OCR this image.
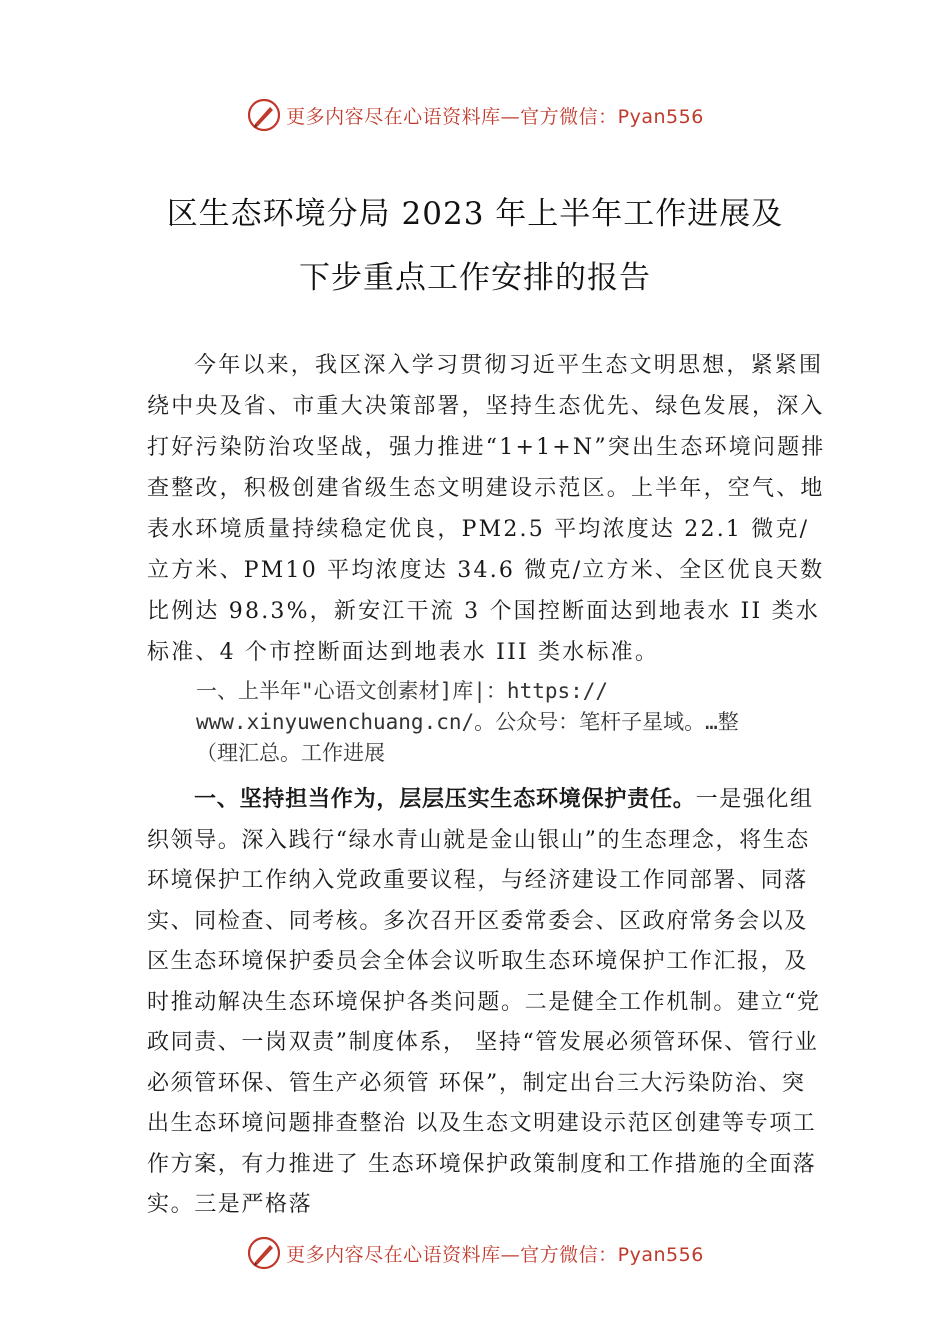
更多内容尽在心语资料库—官方微信：Pyan556
区生态环境分局 2023 年上半年工作进展及
下步重点工作安排的报告

今年以来，我区深入学习贯彻习近平生态文明思想，紧紧围绕中央及省、市重大决策部署，坚持生态优先、绿色发展，深入打好污染防治攻坚战，强力推进“1+1+N”突出生态环境问题排查整改，积极创建省级生态文明建设示范区。上半年，空气、地表水环境质量持续稳定优良，PM2.5 平均浓度达 22.1 微克/立方米、PM10 平均浓度达 34.6 微克/立方米、全区优良天数比例达 98.3%，新安江干流 3 个国控断面达到地表水 II 类水标准、4 个市控断面达到地表水 III 类水标准。

一、上半年"心语文创素材]库|：https://
www.xinyuwenchuang.cn/。公众号：笔杆子星域。…整
（理汇总。工作进展

一、坚持担当作为，层层压实生态环境保护责任。一是强化组织领导。深入践行“绿水青山就是金山银山”的生态理念，将生态环境保护工作纳入党政重要议程，与经济建设工作同部署、同落实、同检查、同考核。多次召开区委常委会、区政府常务会以及区生态环境保护委员会全体会议听取生态环境保护工作汇报，及时推动解决生态环境保护各类问题。二是健全工作机制。建立“党政同责、一岗双责”制度体系， 坚持“管发展必须管环保、管行业必须管环保、管生产必须管 环保”，制定出台三大污染防治、突出生态环境问题排查整治 以及生态文明建设示范区创建等专项工作方案，有力推进了 生态环境保护政策制度和工作措施的全面落实。三是严格落

更多内容尽在心语资料库—官方微信：Pyan556
